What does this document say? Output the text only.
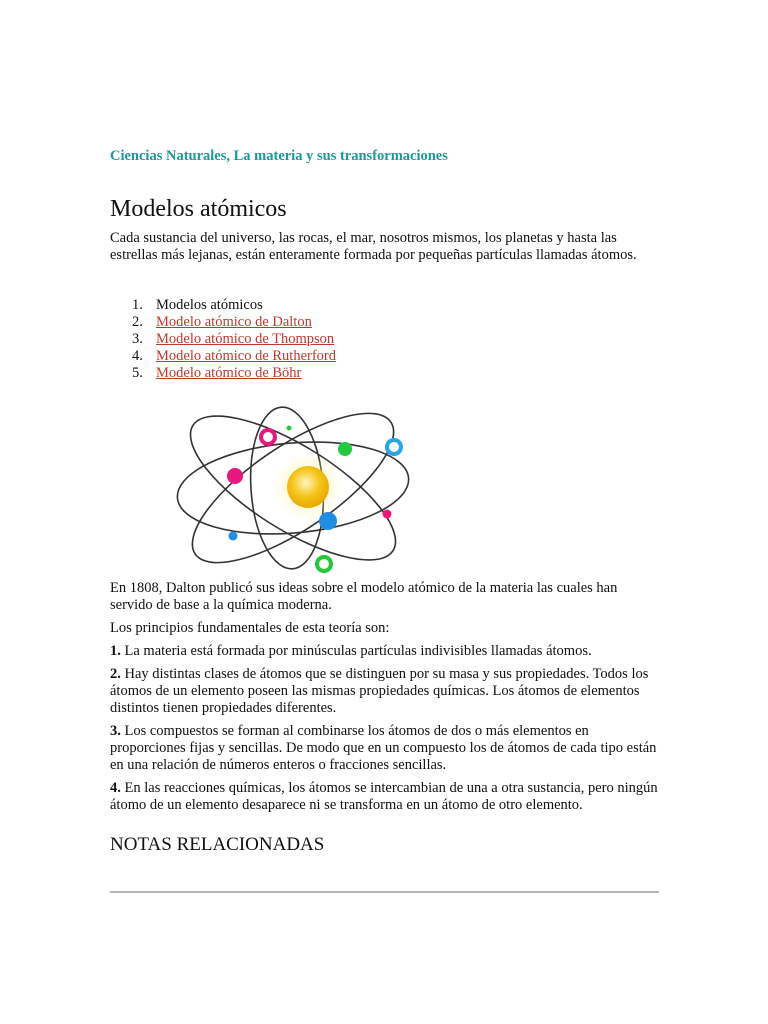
Ciencias Naturales, La materia y sus transformaciones
Modelos atómicos

Cada sustancia del universo, las rocas, el mar, nosotros mismos, los planetas y hasta las estrellas más lejanas, están enteramente formada por pequeñas partículas llamadas átomos.

1. Modelos atómicos
2. Modelo atómico de Dalton
3. Modelo atómico de Thompson
4. Modelo atómico de Rutherford
5. Modelo atómico de Böhr

En 1808, Dalton publicó sus ideas sobre el modelo atómico de la materia las cuales han servido de base a la química moderna.

Los principios fundamentales de esta teoría son:

1. La materia está formada por minúsculas partículas indivisibles llamadas átomos.

2. Hay distintas clases de átomos que se distinguen por su masa y sus propiedades. Todos los átomos de un elemento poseen las mismas propiedades químicas. Los átomos de elementos distintos tienen propiedades diferentes.

3. Los compuestos se forman al combinarse los átomos de dos o más elementos en proporciones fijas y sencillas. De modo que en un compuesto los de átomos de cada tipo están en una relación de números enteros o fracciones sencillas.

4. En las reacciones químicas, los átomos se intercambian de una a otra sustancia, pero ningún átomo de un elemento desaparece ni se transforma en un átomo de otro elemento.

NOTAS RELACIONADAS
